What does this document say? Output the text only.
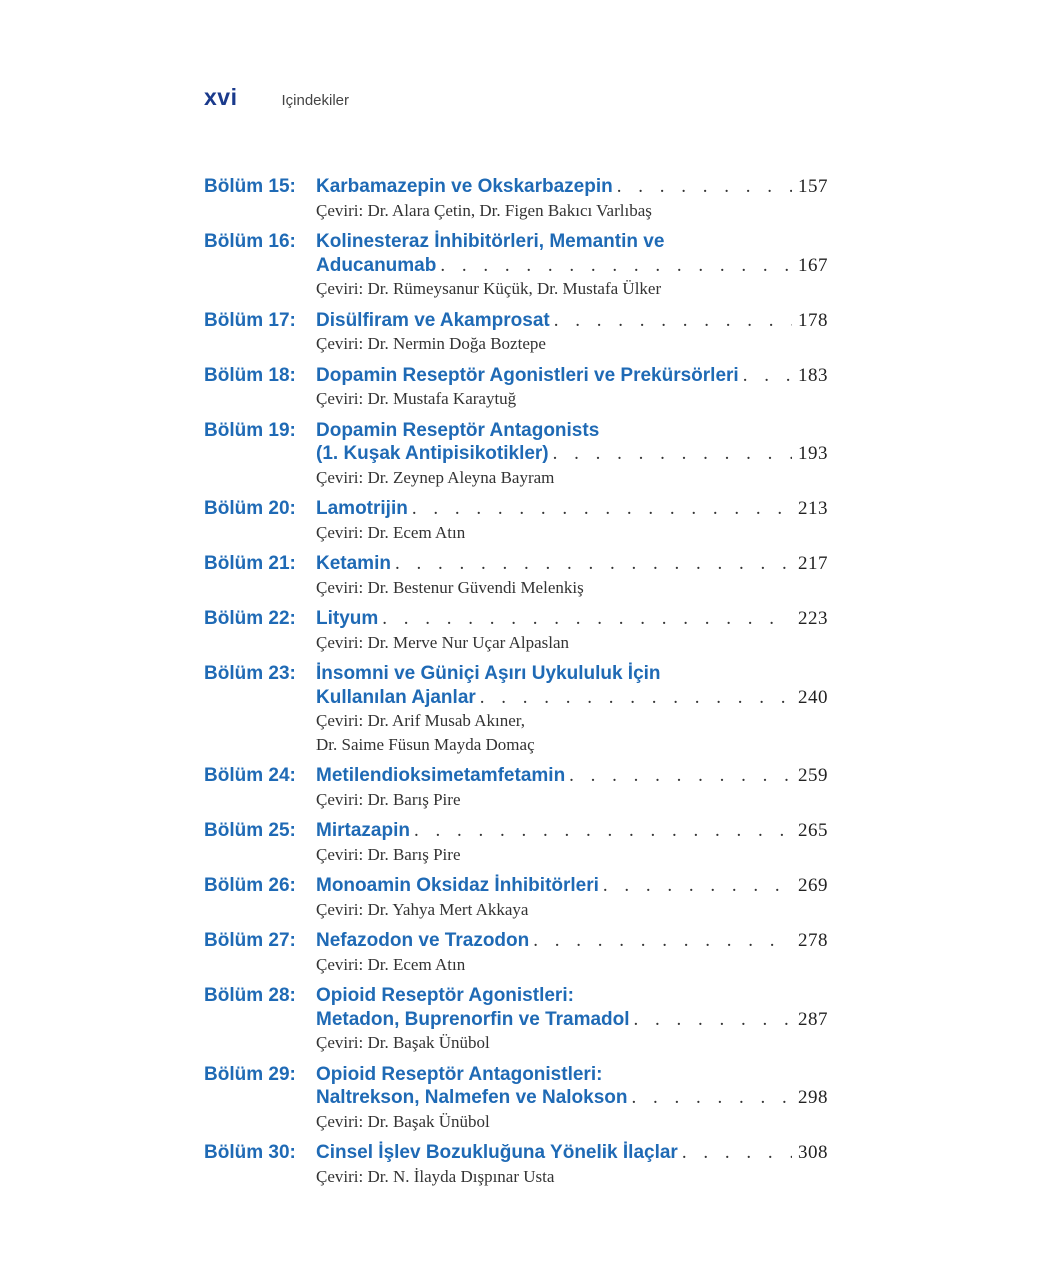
xvi	Içindekiler
Bölüm 15:	Karbamazepin ve Okskarbazepin . . .	157
Çeviri: Dr. Alara Çetin, Dr. Figen Bakıcı Varlıbaş
Bölüm 16:	Kolinesteraz İnhibitörleri, Memantin ve
Aducanumab . . .	167
Çeviri: Dr. Rümeysanur Küçük, Dr. Mustafa Ülker
Bölüm 17:	Disülfiram ve Akamprosat . . .	178
Çeviri: Dr. Nermin Doğa Boztepe
Bölüm 18:	Dopamin Reseptör Agonistleri ve Prekürsörleri . . .	183
Çeviri: Dr. Mustafa Karaytuğ
Bölüm 19:	Dopamin Reseptör Antagonists
(1. Kuşak Antipisikotikler) . . .	193
Çeviri: Dr. Zeynep Aleyna Bayram
Bölüm 20:	Lamotrijin . . .	213
Çeviri: Dr. Ecem Atın
Bölüm 21:	Ketamin . . .	217
Çeviri: Dr. Bestenur Güvendi Melenkiş
Bölüm 22:	Lityum . . .	223
Çeviri: Dr. Merve Nur Uçar Alpaslan
Bölüm 23:	İnsomni ve Güniçi Aşırı Uykululuk İçin
Kullanılan Ajanlar . . .	240
Çeviri: Dr. Arif Musab Akıner,
Dr. Saime Füsun Mayda Domaç
Bölüm 24:	Metilendioksimetamfetamin . . .	259
Çeviri: Dr. Barış Pire
Bölüm 25:	Mirtazapin . . .	265
Çeviri: Dr. Barış Pire
Bölüm 26:	Monoamin Oksidaz İnhibitörleri . . .	269
Çeviri: Dr. Yahya Mert Akkaya
Bölüm 27:	Nefazodon ve Trazodon . . .	278
Çeviri: Dr. Ecem Atın
Bölüm 28:	Opioid Reseptör Agonistleri:
Metadon, Buprenorfin ve Tramadol . . .	287
Çeviri: Dr. Başak Ünübol
Bölüm 29:	Opioid Reseptör Antagonistleri:
Naltrekson, Nalmefen ve Nalokson . . .	298
Çeviri: Dr. Başak Ünübol
Bölüm 30:	Cinsel İşlev Bozukluğuna Yönelik İlaçlar . . .	308
Çeviri: Dr. N. İlayda Dışpınar Usta
